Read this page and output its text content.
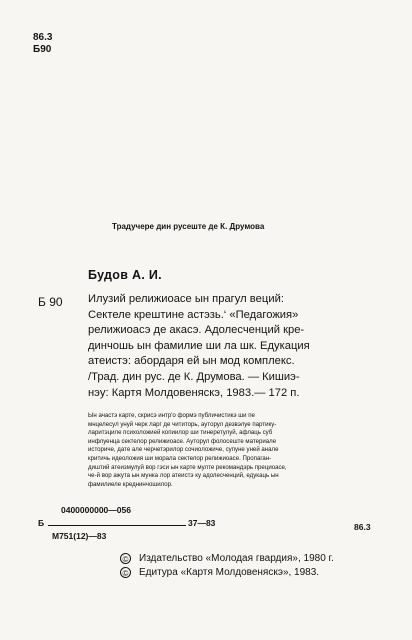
86.3
Б90
Традучере дин русеште де К. Друмова
Будов А. И.
Б 90 Илузий релижиоасе ын прагул вeций:
Сектеле крештине астэзь.‘ «Педагожия»
релижиоасэ де акасэ. Адолесченций кре-
динчошь ын фамилие ши ла шк. Едукация
атеистэ: абордаря ей ын мод комплекс.
/Трад. дин рус. де К. Друмова. — Кишиэ-
нэу: Картя Молдовеняскэ, 1983.— 172 п.
Ын ачастэ карте, скрисэ интр'о формэ публичистикэ ши пе
мнцелесул унуй черк ларг де чититорь, аутoрул дезвэлуе партику-
ларитэциле психоложией копиилор ши тинеретулуй, афлаць суб
инфлуенца сектелор релижиоасе. Аутoрул фолосеште материале
историче, дате але черчетэрилор сочиoложиче, супуне уней аналe
критичь идеоложия ши морала сектелор релижиоасе. Пропаган-
диштий атеизмулуй вор гэси ын карте мулте рекомандэрь прециоасе,
че-й вор ажута ын мунка лор атеистэ ку адолесченций, едукаць ын
фамилиеле креднинчошилор.
0400000000—056
Б	37—83	86.3
М751(12)—83
© Издательство «Молодая гвардия», 1980 г.
© Едитура «Картя Молдовеняскэ», 1983.
